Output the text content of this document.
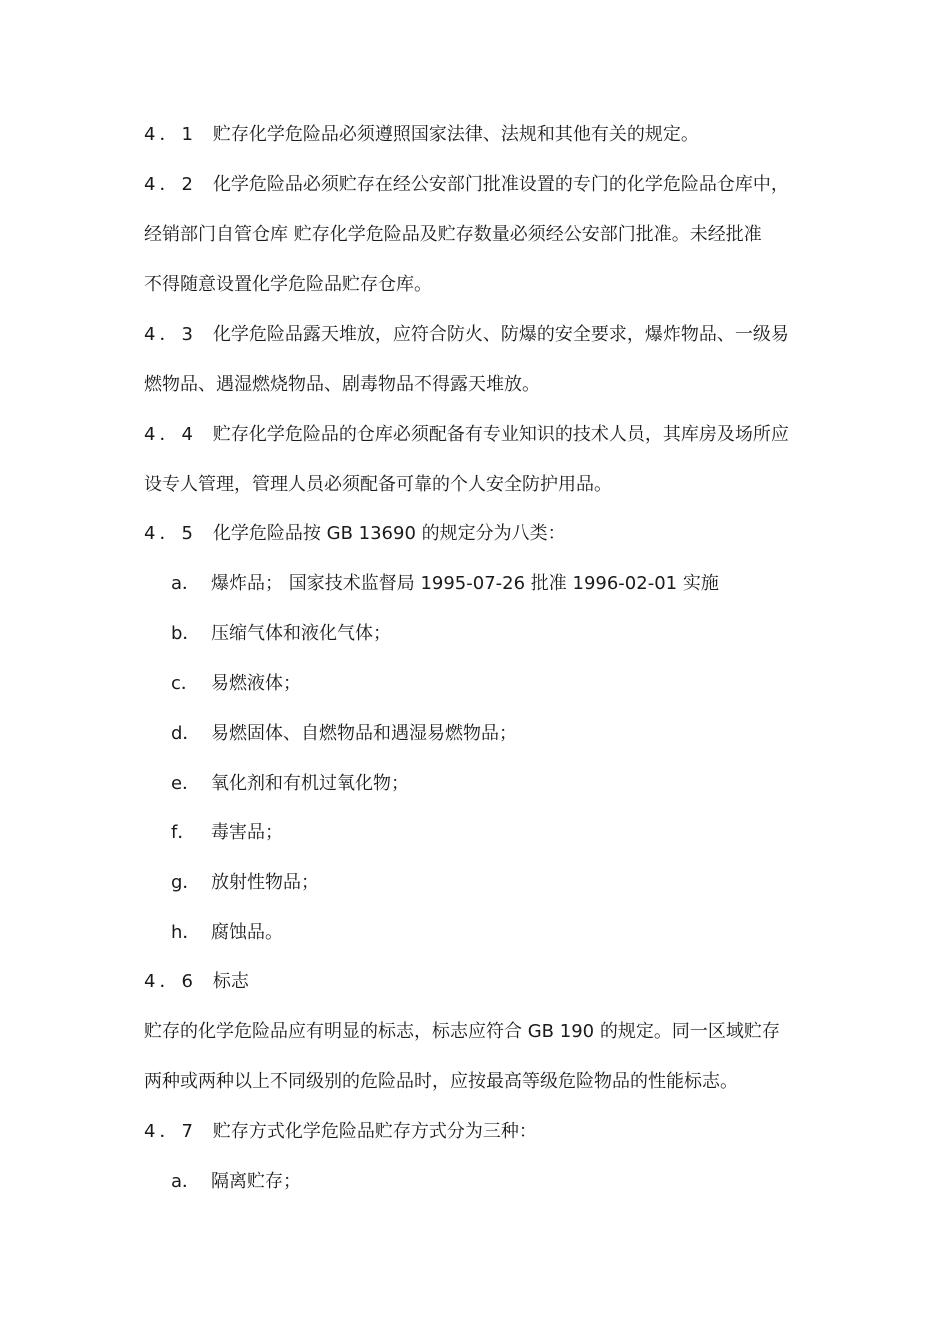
4．1 贮存化学危险品必须遵照国家法律、法规和其他有关的规定。
4．2 化学危险品必须贮存在经公安部门批准设置的专门的化学危险品仓库中，
经销部门自管仓库 贮存化学危险品及贮存数量必须经公安部门批准。未经批准
不得随意设置化学危险品贮存仓库。
4．3 化学危险品露天堆放，应符合防火、防爆的安全要求，爆炸物品、一级易
燃物品、遇湿燃烧物品、剧毒物品不得露天堆放。
4．4 贮存化学危险品的仓库必须配备有专业知识的技术人员，其库房及场所应
设专人管理，管理人员必须配备可靠的个人安全防护用品。
4．5 化学危险品按 GB 13690 的规定分为八类：
a． 爆炸品； 国家技术监督局 1995-07-26 批准 1996-02-01 实施
b． 压缩气体和液化气体；
c． 易燃液体；
d． 易燃固体、自燃物品和遇湿易燃物品；
e． 氧化剂和有机过氧化物；
f． 毒害品；
g． 放射性物品；
h． 腐蚀品。
4．6 标志
贮存的化学危险品应有明显的标志，标志应符合 GB 190 的规定。同一区域贮存
两种或两种以上不同级别的危险品时，应按最高等级危险物品的性能标志。
4．7 贮存方式化学危险品贮存方式分为三种：
a． 隔离贮存；
